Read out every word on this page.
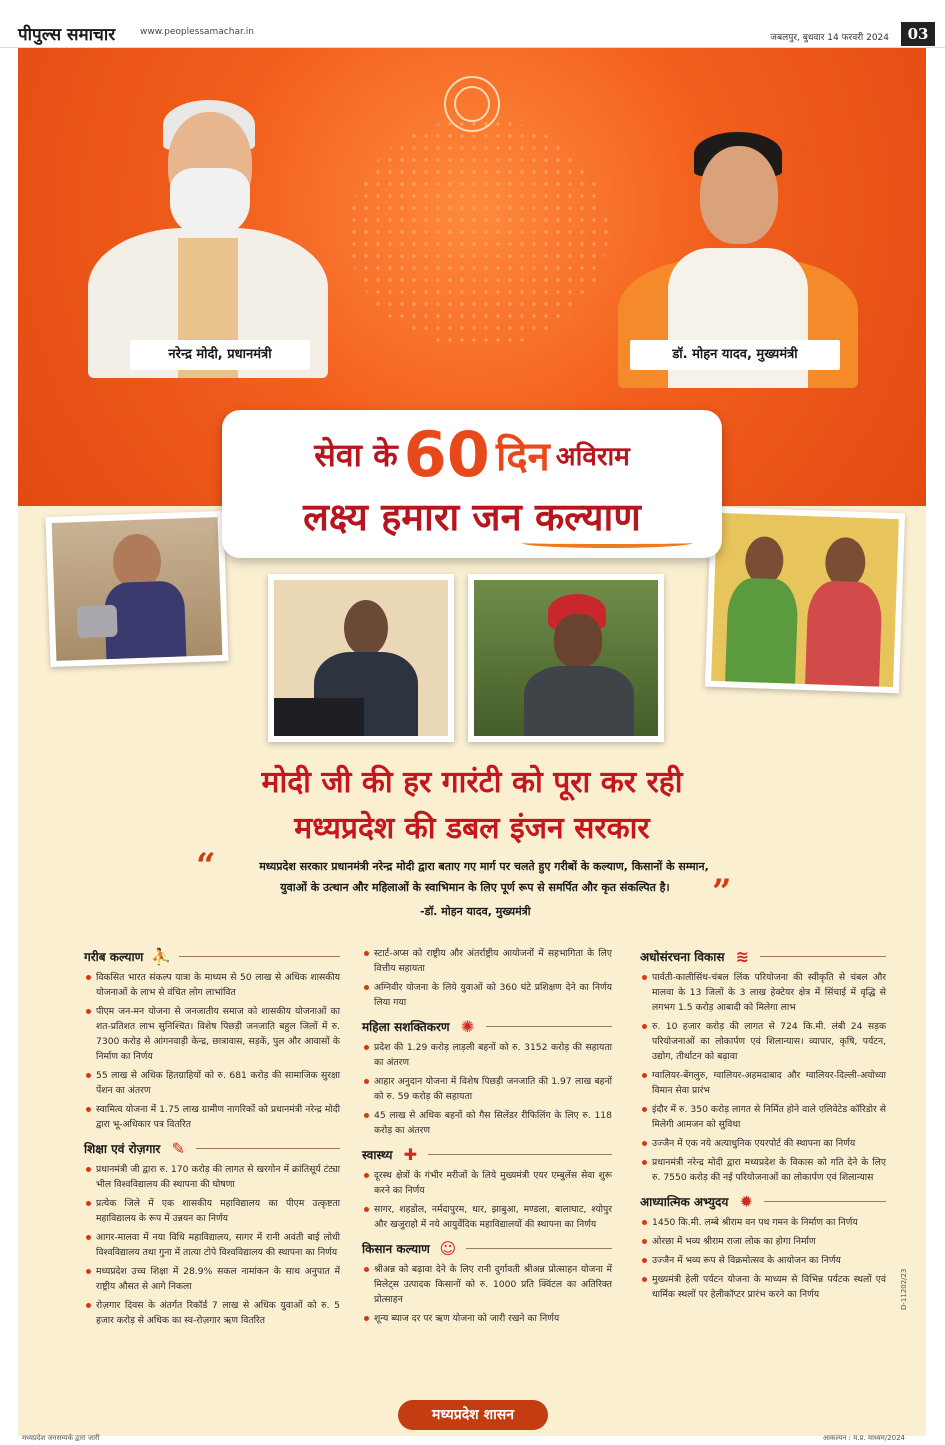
पीपुल्स समाचार	www.peoplessamachar.in
जबलपुर, बुधवार 14 फरवरी 2024	03
नरेन्द्र मोदी, प्रधानमंत्री	डॉ. मोहन यादव, मुख्यमंत्री
सेवा के60 दिन अविराम
लक्ष्य हमारा जन कल्याण
मोदी जी की हर गारंटी को पूरा कर रही
मध्यप्रदेश की डबल इंजन सरकार
“	मध्यप्रदेश सरकार प्रधानमंत्री नरेन्द्र मोदी द्वारा बताए गए मार्ग पर चलते हुए गरीबों के कल्याण, किसानों के सम्मान,
युवाओं के उत्थान और महिलाओं के स्वाभिमान के लिए पूर्ण रूप से समर्पित और कृत संकल्पित है।	”
-डॉ. मोहन यादव, मुख्यमंत्री
गरीब कल्याण ⛹
विकसित भारत संकल्प यात्रा के माध्यम से 50 लाख से अधिक शासकीय योजनाओं के लाभ से वंचित लोग लाभांवित
पीएम जन-मन योजना से जनजातीय समाज को शासकीय योजनाओं का शत-प्रतिशत लाभ सुनिश्चित। विशेष पिछड़ी जनजाति बहुल जिलों में रु. 7300 करोड़ से आंगनवाड़ी केन्द्र, छात्रावास, सड़कें, पुल और आवासों के निर्माण का निर्णय
55 लाख से अधिक हितग्राहियों को रु. 681 करोड़ की सामाजिक सुरक्षा पेंशन का अंतरण
स्वामित्व योजना में 1.75 लाख ग्रामीण नागरिकों को प्रधानमंत्री नरेन्द्र मोदी द्वारा भू-अधिकार पत्र वितरित
शिक्षा एवं रोज़गार ✎
प्रधानमंत्री जी द्वारा रु. 170 करोड़ की लागत से खरगोन में क्रांतिसूर्य टंट्या भील विश्वविद्यालय की स्थापना की घोषणा
प्रत्येक जिले में एक शासकीय महाविद्यालय का पीएम उत्कृष्टता महाविद्यालय के रूप में उन्नयन का निर्णय
आगर-मालवा में नया विधि महाविद्यालय, सागर में रानी अवंती बाई लोधी विश्वविद्यालय तथा गुना में तात्या टोपे विश्वविद्यालय की स्थापना का निर्णय
मध्यप्रदेश उच्च शिक्षा में 28.9% सकल नामांकन के साथ अनुपात में राष्ट्रीय औसत से आगे निकला
रोज़गार दिवस के अंतर्गत रिकॉर्ड 7 लाख से अधिक युवाओं को रु. 5 हजार करोड़ से अधिक का स्व-रोज़गार ऋण वितरित
स्टार्ट-अप्स को राष्ट्रीय और अंतर्राष्ट्रीय आयोजनों में सहभागिता के लिए वित्तीय सहायता
अग्निवीर योजना के लिये युवाओं को 360 घंटे प्रशिक्षण देने का निर्णय लिया गया
महिला सशक्तिकरण ✺
प्रदेश की 1.29 करोड़ लाड़ली बहनों को रु. 3152 करोड़ की सहायता का अंतरण
आहार अनुदान योजना में विशेष पिछड़ी जनजाति की 1.97 लाख बहनों को रु. 59 करोड़ की सहायता
45 लाख से अधिक बहनों को गैस सिलेंडर रीफिलिंग के लिए रु. 118 करोड़ का अंतरण
स्वास्थ्य ✚
दूरस्थ क्षेत्रों के गंभीर मरीजों के लिये मुख्यमंत्री एयर एम्बुलेंस सेवा शुरू करने का निर्णय
सागर, शहडोल, नर्मदापुरम, धार, झाबुआ, मण्डला, बालाघाट, श्योपुर और खजुराहो में नये आयुर्वेदिक महाविद्यालयों की स्थापना का निर्णय
किसान कल्याण ☺
श्रीअन्न को बढ़ावा देने के लिए रानी दुर्गावती श्रीअन्न प्रोत्साहन योजना में मिलेट्स उत्पादक किसानों को रु. 1000 प्रति क्विंटल का अतिरिक्त प्रोत्साहन
शून्य ब्याज दर पर ऋण योजना को जारी रखने का निर्णय
अधोसंरचना विकास ≋
पार्वती-कालीसिंध-चंबल लिंक परियोजना की स्वीकृति से चंबल और मालवा के 13 जिलों के 3 लाख हेक्टेयर क्षेत्र में सिंचाई में वृद्धि से लगभग 1.5 करोड़ आबादी को मिलेगा लाभ
रु. 10 हजार करोड़ की लागत से 724 कि.मी. लंबी 24 सड़क परियोजनाओं का लोकार्पण एवं शिलान्यास। व्यापार, कृषि, पर्यटन, उद्योग, तीर्थाटन को बढ़ावा
ग्वालियर-बेंगलुरु, ग्वालियर-अहमदाबाद और ग्वालियर-दिल्ली-अयोध्या विमान सेवा प्रारंभ
इंदौर में रु. 350 करोड़ लागत से निर्मित होने वाले एलिवेटेड कॉरिडोर से मिलेगी आमजन को सुविधा
उज्जैन में एक नये अत्याधुनिक एयरपोर्ट की स्थापना का निर्णय
प्रधानमंत्री नरेन्द्र मोदी द्वारा मध्यप्रदेश के विकास को गति देने के लिए रु. 7550 करोड़ की नई परियोजनाओं का लोकार्पण एवं शिलान्यास
आध्यात्मिक अभ्युदय ✹
1450 कि.मी. लम्बे श्रीराम वन पथ गमन के निर्माण का निर्णय
ओरछा में भव्य श्रीराम राजा लोक का होगा निर्माण
उज्जैन में भव्य रूप से विक्रमोत्सव के आयोजन का निर्णय
मुख्यमंत्री हेली पर्यटन योजना के माध्यम से विभिन्न पर्यटक स्थलों एवं धार्मिक स्थलों पर हेलीकॉप्टर प्रारंभ करने का निर्णय
मध्यप्रदेश शासन
मध्यप्रदेश जनसम्पर्क द्वारा जारी	आकल्पन : म.प्र. माध्यम/2024
D-11202/23
